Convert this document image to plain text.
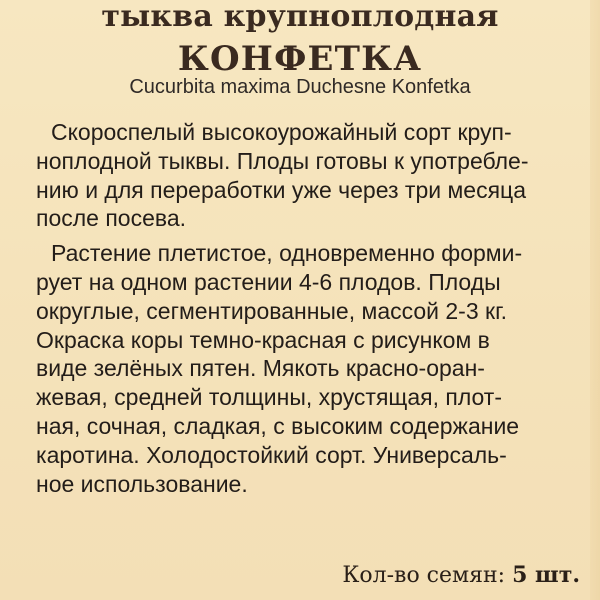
тыква крупноплодная
КОНФЕТКА
Cucurbita maxima Duchesne Konfetka
Скороспелый высокоурожайный сорт круп-
ноплодной тыквы. Плоды готовы к употребле-
нию и для переработки уже через три месяца
после посева.
Растение плетистое, одновременно форми-
рует на одном растении 4-6 плодов. Плоды
округлые, сегментированные, массой 2-3 кг.
Окраска коры темно-красная с рисунком в
виде зелёных пятен. Мякоть красно-оран-
жевая, средней толщины, хрустящая, плот-
ная, сочная, сладкая, с высоким содержание
каротина. Холодостойкий сорт. Универсаль-
ное использование.
Кол-во семян: 5 шт.
